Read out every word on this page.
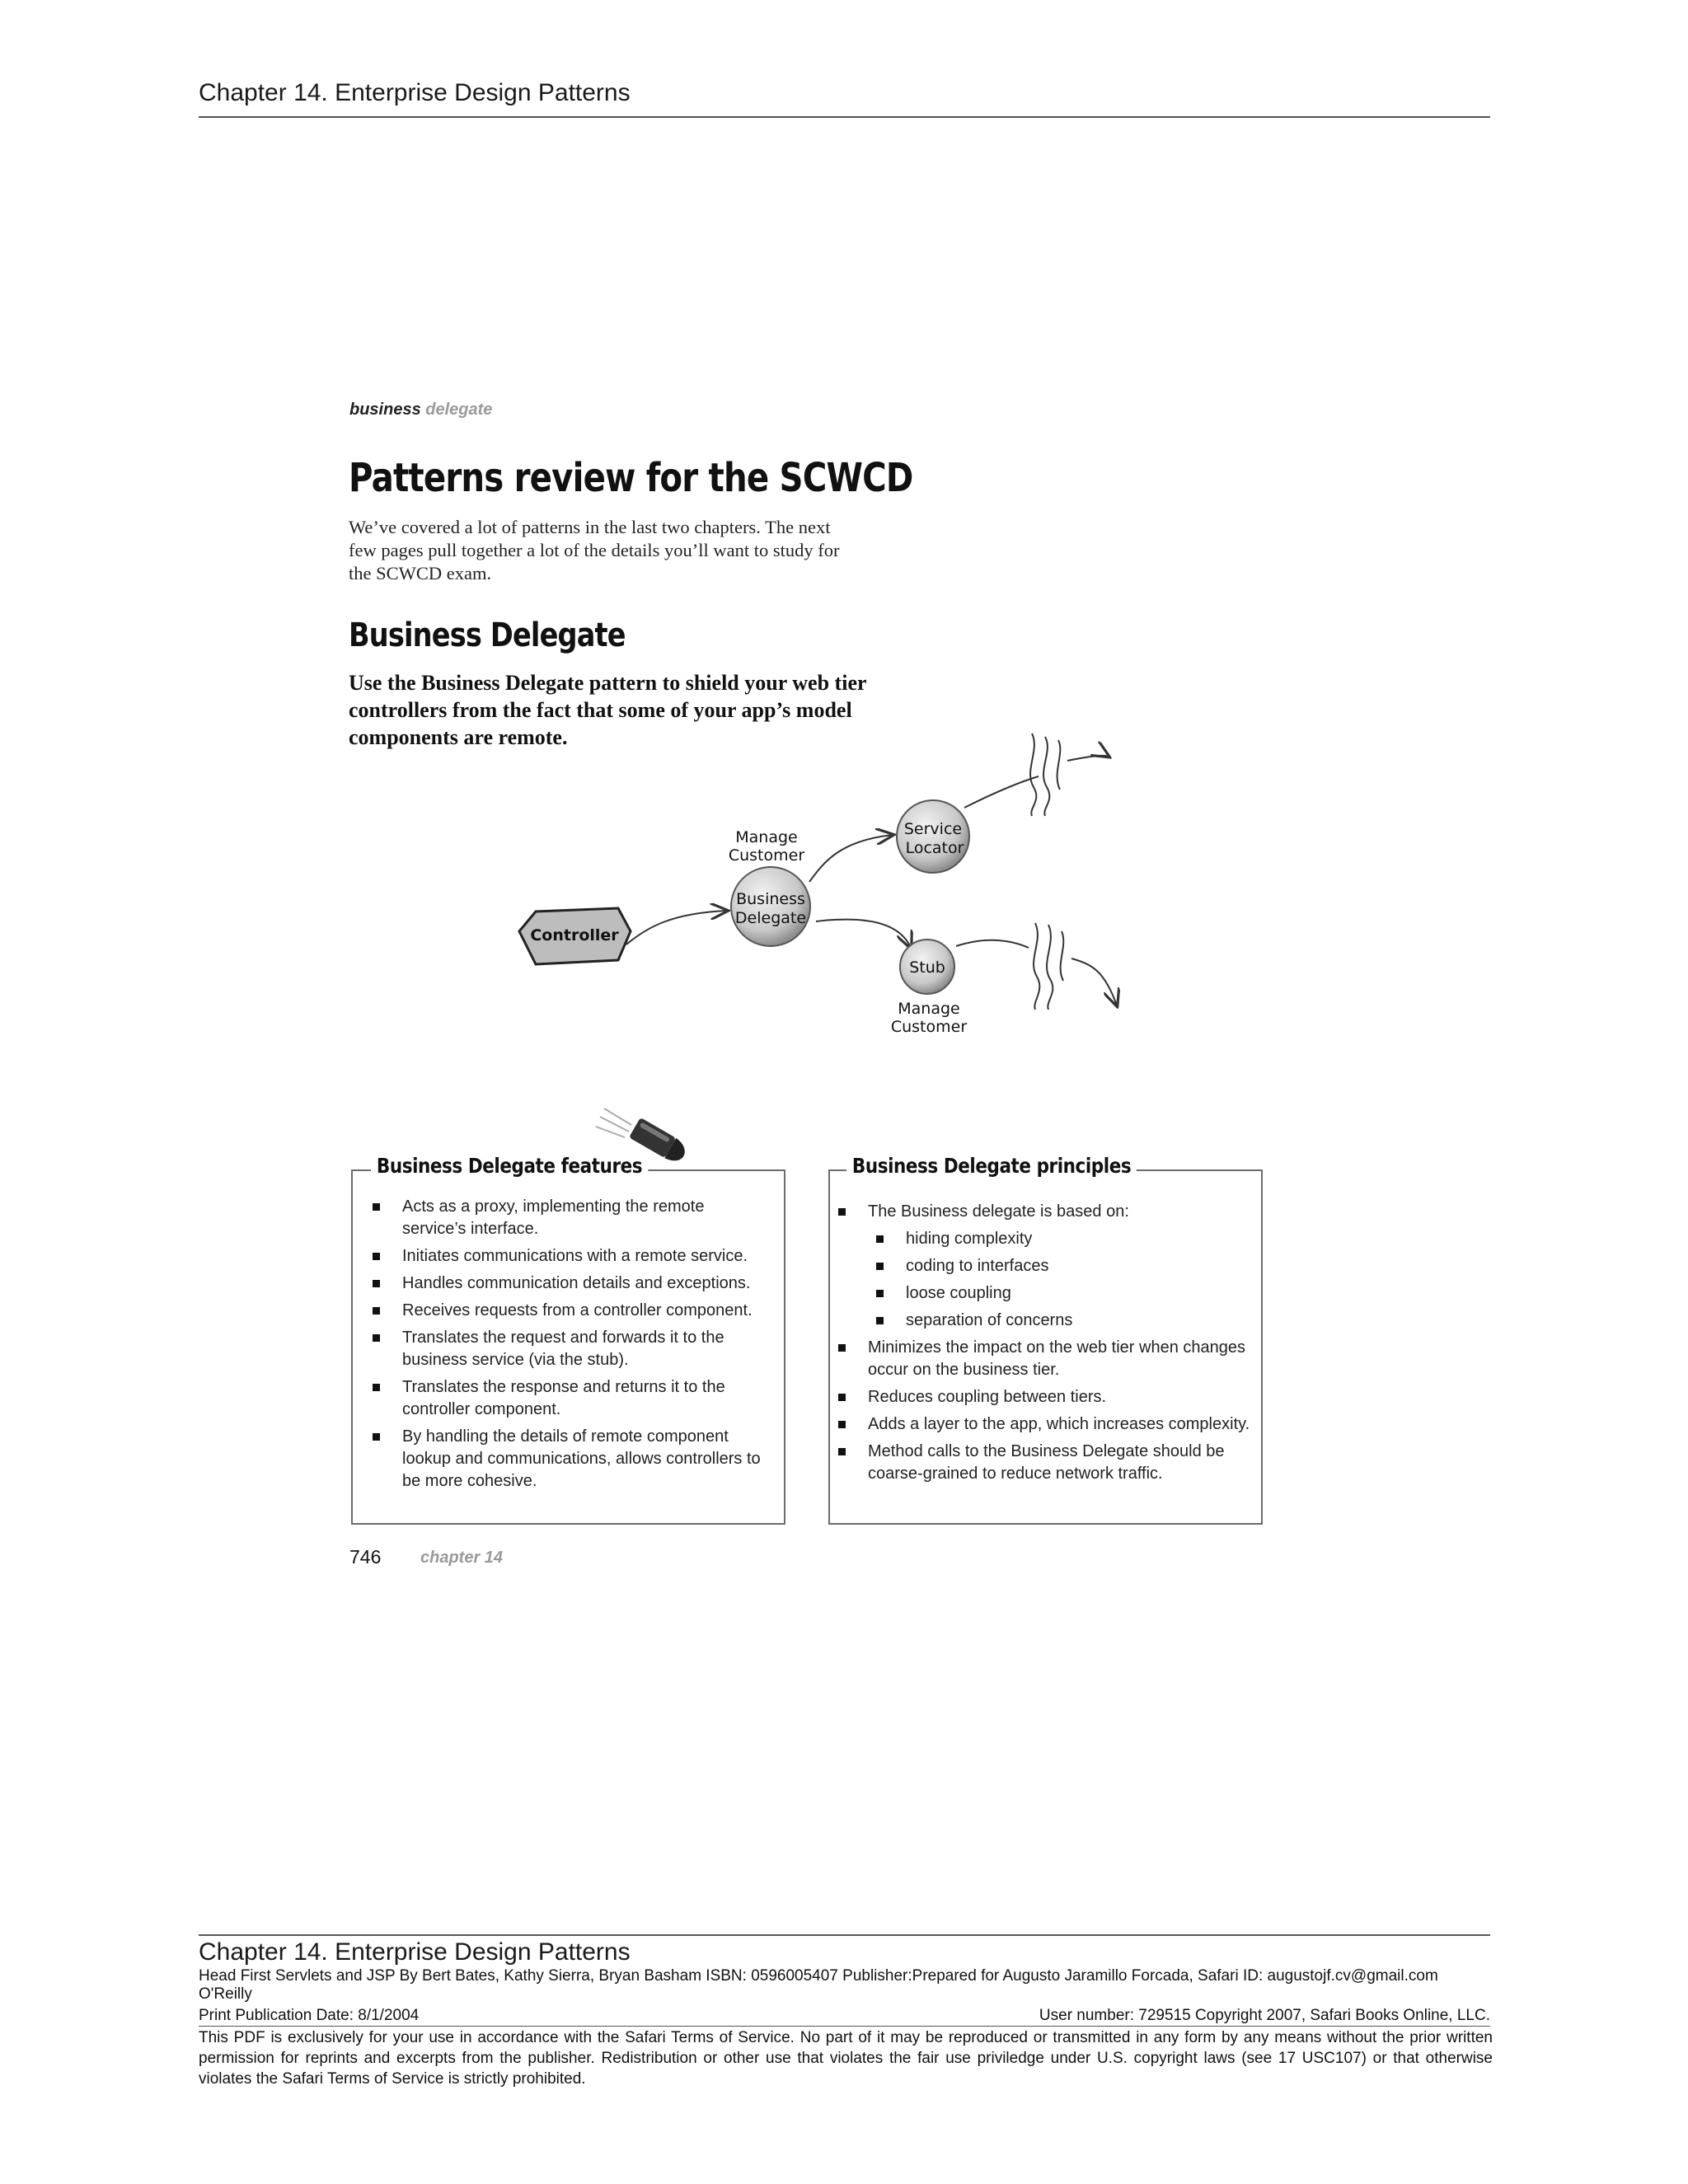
Chapter 14. Enterprise Design Patterns
business delegate
Patterns review for the SCWCD
We’ve covered a lot of patterns in the last two chapters. The next few pages pull together a lot of the details you’ll want to study for the SCWCD exam.
Business Delegate
Use the Business Delegate pattern to shield your web tier controllers from the fact that some of your app’s model components are remote.
Controller
Business
Delegate
Manage
Customer
Service
Locator
Stub
Manage
Customer
Business Delegate features
Acts as a proxy, implementing the remote service’s interface.
Initiates communications with a remote service.
Handles communication details and exceptions.
Receives requests from a controller component.
Translates the request and forwards it to the business service (via the stub).
Translates the response and returns it to the controller component.
By handling the details of remote component lookup and communications, allows controllers to be more cohesive.
Business Delegate principles
The Business delegate is based on:
hiding complexity
coding to interfaces
loose coupling
separation of concerns
Minimizes the impact on the web tier when changes occur on the business tier.
Reduces coupling between tiers.
Adds a layer to the app, which increases complexity.
Method calls to the Business Delegate should be coarse-grained to reduce network traffic.
746 chapter 14
Chapter 14. Enterprise Design Patterns
Head First Servlets and JSP By Bert Bates, Kathy Sierra, Bryan Basham ISBN: 0596005407 Publisher:Prepared for Augusto Jaramillo Forcada, Safari ID: augustojf.cv@gmail.com
O'Reilly
Print Publication Date: 8/1/2004	User number: 729515 Copyright 2007, Safari Books Online, LLC.
This PDF is exclusively for your use in accordance with the Safari Terms of Service. No part of it may be reproduced or transmitted in any form by any means without the prior written permission for reprints and excerpts from the publisher. Redistribution or other use that violates the fair use priviledge under U.S. copyright laws (see 17 USC107) or that otherwise violates the Safari Terms of Service is strictly prohibited.
